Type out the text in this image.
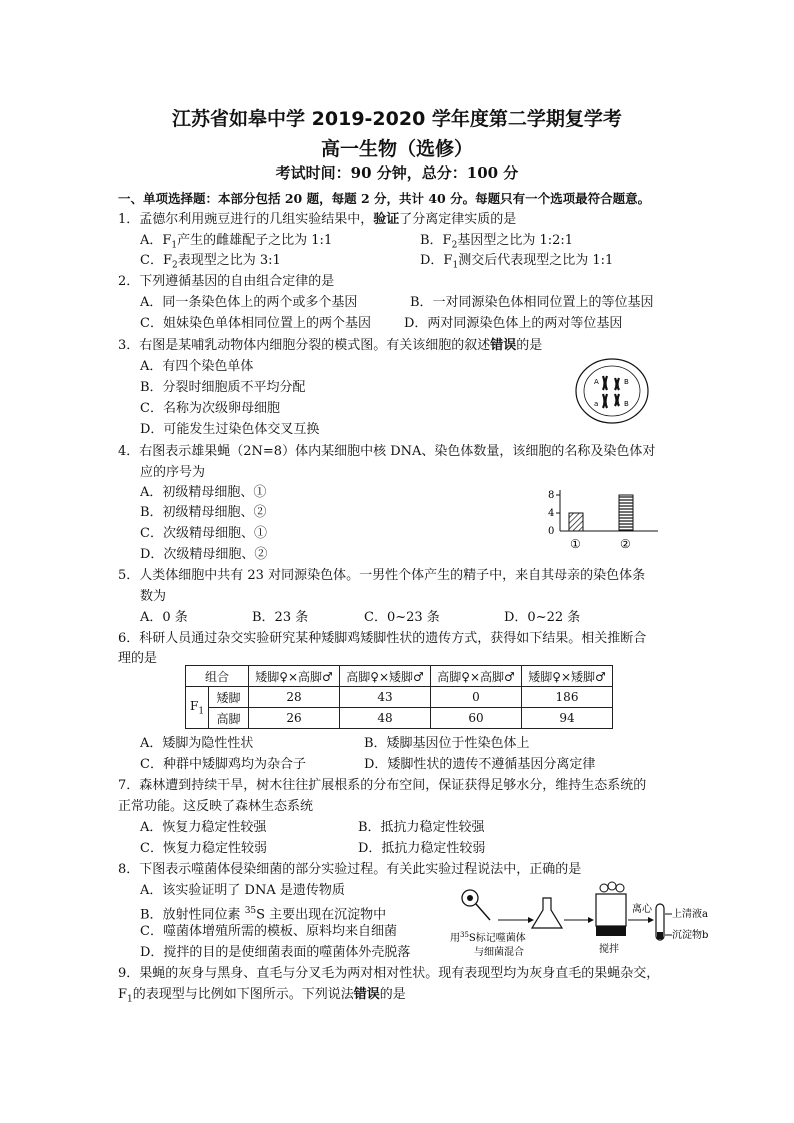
江苏省如皋中学 2019-2020 学年度第二学期复学考
高一生物（选修）
考试时间：90 分钟，总分：100 分
一、单项选择题：本部分包括 20 题，每题 2 分，共计 40 分。每题只有一个选项最符合题意。
1．孟德尔利用豌豆进行的几组实验结果中，验证了分离定律实质的是
A．$F_1$产生的雌雄配子之比为 1:1	B．$F_2$基因型之比为 1:2:1
C．$F_2$表现型之比为 3:1	D．$F_1$测交后代表现型之比为 1:1
2．下列遵循基因的自由组合定律的是
A．同一条染色体上的两个或多个基因	B．一对同源染色体相同位置上的等位基因
C．姐妹染色单体相同位置上的两个基因	D．两对同源染色体上的两对等位基因
3．右图是某哺乳动物体内细胞分裂的模式图。有关该细胞的叙述错误的是
A．有四个染色单体
B．分裂时细胞质不平均分配
C．名称为次级卵母细胞
D．可能发生过染色体交叉互换
A	B
a	B
4．右图表示雄果蝇（2N=8）体内某细胞中核 DNA、染色体数量，该细胞的名称及染色体对
应的序号为
A．初级精母细胞、①
B．初级精母细胞、②
C．次级精母细胞、①
D．次级精母细胞、②
8
4
0
①	②
5．人类体细胞中共有 23 对同源染色体。一男性个体产生的精子中，来自其母亲的染色体条
数为
A．0 条	B．23 条	C．0~23 条	D．0~22 条
6．科研人员通过杂交实验研究某种矮脚鸡矮脚性状的遗传方式，获得如下结果。相关推断合
理的是
组合		矮脚♀×高脚♂	高脚♀×矮脚♂	高脚♀×高脚♂	矮脚♀×矮脚♂
$F_1$	矮脚	28	43	0	186
	高脚	26	48	60	94
A．矮脚为隐性性状	B．矮脚基因位于性染色体上
C．种群中矮脚鸡均为杂合子	D．矮脚性状的遗传不遵循基因分离定律
7．森林遭到持续干旱，树木往往扩展根系的分布空间，保证获得足够水分，维持生态系统的
正常功能。这反映了森林生态系统
A．恢复力稳定性较强	B．抵抗力稳定性较强
C．恢复力稳定性较弱	D．抵抗力稳定性较弱
8．下图表示噬菌体侵染细菌的部分实验过程。有关此实验过程说法中，正确的是
A．该实验证明了 DNA 是遗传物质
B．放射性同位素 $^{35}$S 主要出现在沉淀物中
C．噬菌体增殖所需的模板、原料均来自细菌
D．搅拌的目的是使细菌表面的噬菌体外壳脱落
用$^{35}$S标记噬菌体
与细菌混合	搅拌
离心 上清液a
沉淀物b
9．果蝇的灰身与黑身、直毛与分叉毛为两对相对性状。现有表现型均为灰身直毛的果蝇杂交，
$F_1$的表现型与比例如下图所示。下列说法错误的是
